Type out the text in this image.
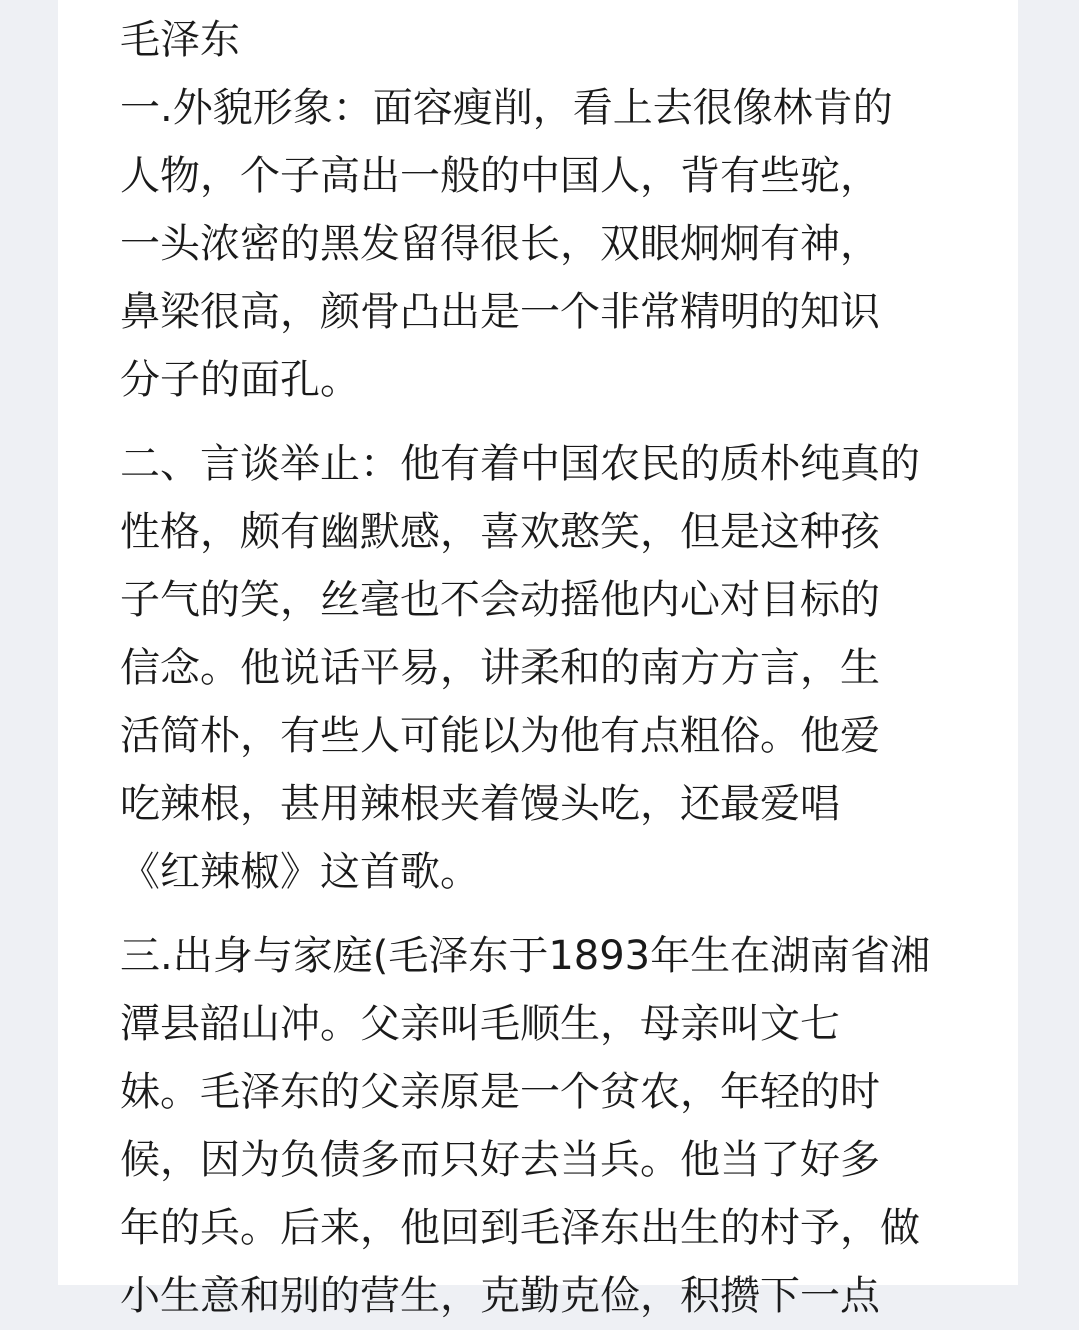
毛泽东
一.外貌形象：面容瘦削，看上去很像林肯的
人物，个子高出一般的中国人，背有些驼，
一头浓密的黑发留得很长，双眼炯炯有神，
鼻梁很高，颜骨凸出是一个非常精明的知识
分子的面孔。
二、言谈举止：他有着中国农民的质朴纯真的
性格，颇有幽默感，喜欢憨笑，但是这种孩
子气的笑，丝毫也不会动摇他内心对目标的
信念。他说话平易，讲柔和的南方方言，生
活简朴，有些人可能以为他有点粗俗。他爱
吃辣根，甚用辣根夹着馒头吃，还最爱唱
《红辣椒》这首歌。
三.出身与家庭(毛泽东于1893年生在湖南省湘
潭县韶山冲。父亲叫毛顺生，母亲叫文七
妹。毛泽东的父亲原是一个贫农，年轻的时
候，因为负债多而只好去当兵。他当了好多
年的兵。后来，他回到毛泽东出生的村予，做
小生意和别的营生，克勤克俭，积攒下一点
